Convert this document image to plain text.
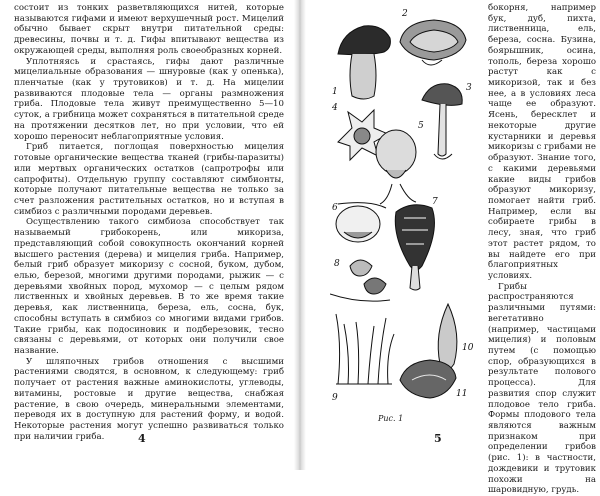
состоит из тонких разветвляющихся нитей, которые называются гифами и имеют верхушечный рост. Мицелий обычно бывает скрыт внутри питательной среды: древесины, почвы и т. д. Гифы впитывают вещества из окружающей среды, выполняя роль своеобразных корней.

Уплотняясь и срастаясь, гифы дают различные мицелиальные образования — шнуровые (как у опенька), пленчатые (как у трутовиков) и т. д. На мицелии развиваются плодовые тела — органы размножения гриба. Плодовые тела живут преимущественно 5—10 суток, а грибница может сохраняться в питательной среде на протяжении десятков лет, но при условии, что ей хорошо переносит неблагоприятные условия.

Гриб питается, поглощая поверхностью мицелия готовые органические вещества тканей (грибы-паразиты) или мертвых органических остатков (сапротрофы или сапрофиты). Отдельную группу составляют симбионты, которые получают питательные вещества не только за счет разложения растительных остатков, но и вступая в симбиоз с различными породами деревьев.

Осуществлению такого симбиоза способствует так называемый грибокорень, или микориза, представляющий собой совокупность окончаний корней высшего растения (дерева) и мицелия гриба. Например, белый гриб образует микоризу с сосной, буком, дубом, елью, березой, многими другими породами, рыжик — с деревьями хвойных пород, мухомор — с целым рядом лиственных и хвойных деревьев. В то же время такие деревья, как лиственница, береза, ель, сосна, бук, способны вступать в симбиоз со многими видами грибов. Такие грибы, как подосиновик и подберезовик, тесно связаны с деревьями, от которых они получили свое название.

У шляпочных грибов отношения с высшими растениями сводятся, в основном, к следующему: гриб получает от растения важные аминокислоты, углеводы, витамины, ростовые и другие вещества, снабжая растение, в свою очередь, минеральными элементами, переводя их в доступную для растений форму, и водой. Некоторые растения могут успешно развиваться только при наличии гриба.	4
1
2
3
4
5
6
7
8
9
10
11
Рис. 1

бокорня, например бук, дуб, пихта, лиственница, ель, береза, сосна. Бузина, боярышник, осина, тополь, береза хорошо растут как с микоризой, так и без нее, а в условиях леса чаще ее образуют. Ясень, бересклет и некоторые другие кустарники и деревья микоризы с грибами не образуют. Знание того, с какими деревьями какие виды грибов образуют микоризу, помогает найти гриб. Например, если вы собираете грибы в лесу, зная, что гриб этот растет рядом, то вы найдете его при благоприятных условиях.

Грибы распространяются различными путями: вегетативно (например, частицами мицелия) и половым путем (с помощью спор, образующихся в результате полового процесса). Для развития спор служит плодовое тело гриба. Формы плодового тела являются важным признаком при определении грибов (рис. 1): в частности, дождевики и трутовик похожи на шаровидную, грудь.

5
